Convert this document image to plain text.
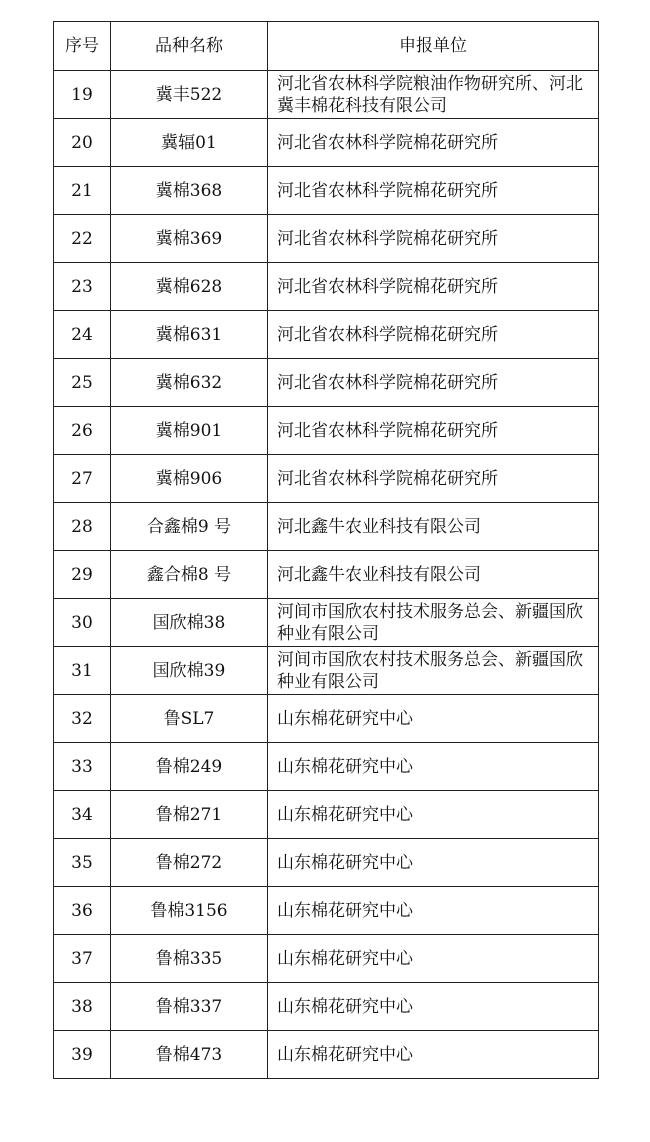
序号	品种名称	申报单位
19	冀丰522	河北省农林科学院粮油作物研究所、河北冀丰棉花科技有限公司
20	冀辐01	河北省农林科学院棉花研究所
21	冀棉368	河北省农林科学院棉花研究所
22	冀棉369	河北省农林科学院棉花研究所
23	冀棉628	河北省农林科学院棉花研究所
24	冀棉631	河北省农林科学院棉花研究所
25	冀棉632	河北省农林科学院棉花研究所
26	冀棉901	河北省农林科学院棉花研究所
27	冀棉906	河北省农林科学院棉花研究所
28	合鑫棉9 号	河北鑫牛农业科技有限公司
29	鑫合棉8 号	河北鑫牛农业科技有限公司
30	国欣棉38	河间市国欣农村技术服务总会、新疆国欣种业有限公司
31	国欣棉39	河间市国欣农村技术服务总会、新疆国欣种业有限公司
32	鲁SL7	山东棉花研究中心
33	鲁棉249	山东棉花研究中心
34	鲁棉271	山东棉花研究中心
35	鲁棉272	山东棉花研究中心
36	鲁棉3156	山东棉花研究中心
37	鲁棉335	山东棉花研究中心
38	鲁棉337	山东棉花研究中心
39	鲁棉473	山东棉花研究中心
